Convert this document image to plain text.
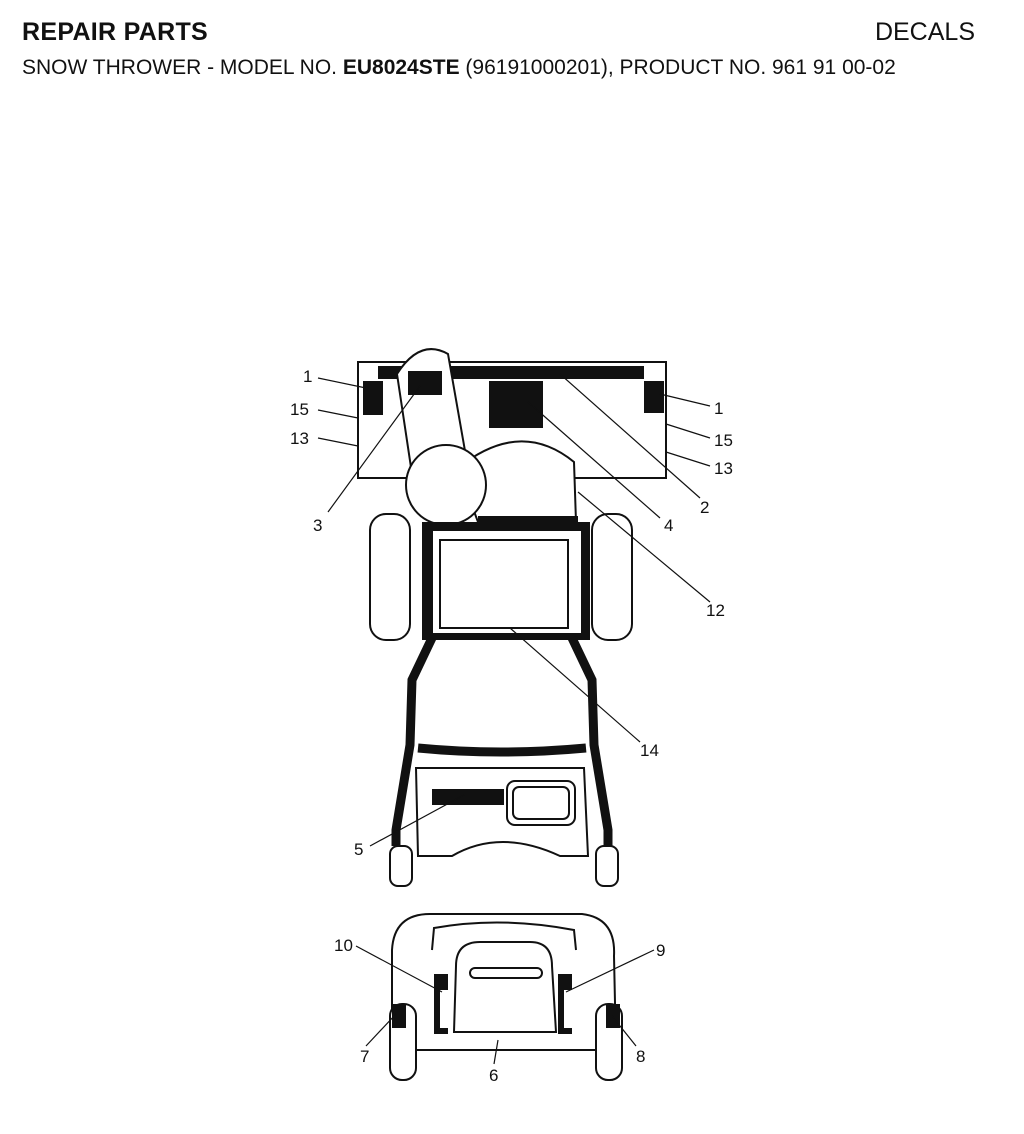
REPAIR PARTS	DECALS
SNOW THROWER - MODEL NO. EU8024STE (96191000201), PRODUCT NO. 961 91 00-02
1
15
13
3
1
15
13
2
4
12
14
5
10	9
7
6
8
